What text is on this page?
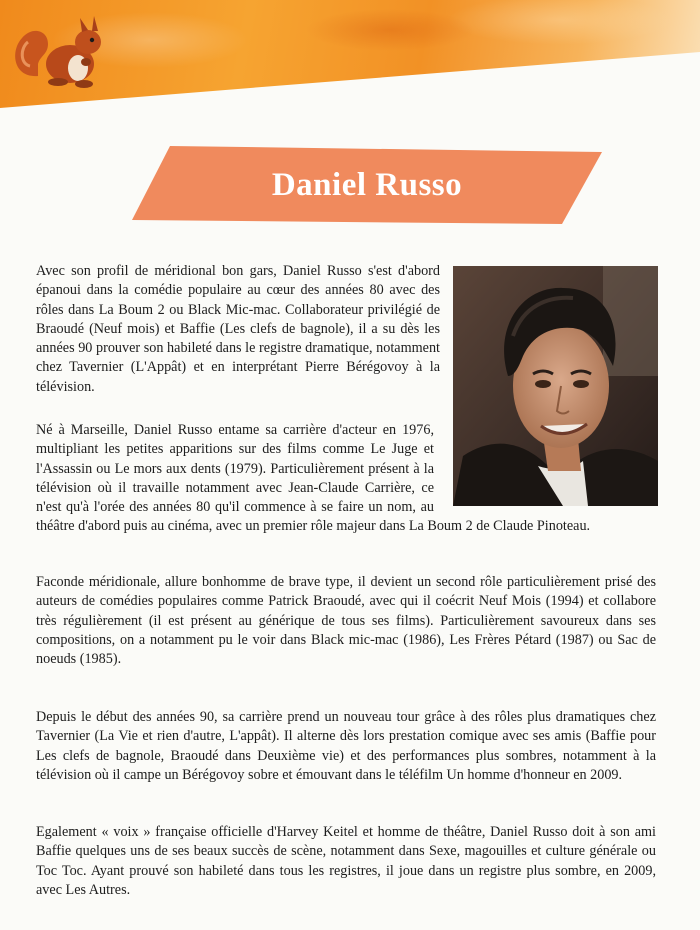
Daniel Russo

Avec son profil de méridional bon gars, Daniel Russo s'est d'abord épanoui dans la comédie populaire au cœur des années 80 avec des rôles dans La Boum 2 ou Black Mic-mac. Collaborateur privilégié de Braoudé (Neuf mois) et Baffie (Les clefs de bagnole), il a su dès les années 90 prouver son habileté dans le registre dramatique, notamment chez Tavernier (L'Appât) et en interprétant Pierre Bérégovoy à la télévision.

Né à Marseille, Daniel Russo entame sa carrière d'acteur en 1976, multipliant les petites apparitions sur des films comme Le Juge et l'Assassin ou Le mors aux dents (1979). Particulièrement présent à la télévision où il travaille notamment avec Jean-Claude Carrière, ce n'est qu'à l'orée des années 80 qu'il commence à se faire un nom, au théâtre d'abord puis au cinéma, avec un premier rôle majeur dans La Boum 2 de Claude Pinoteau.

Faconde méridionale, allure bonhomme de brave type, il devient un second rôle particulièrement prisé des auteurs de comédies populaires comme Patrick Braoudé, avec qui il coécrit Neuf Mois (1994) et collabore très régulièrement (il est présent au générique de tous ses films). Particulièrement savoureux dans ses compositions, on a notamment pu le voir dans Black mic-mac (1986), Les Frères Pétard (1987) ou Sac de noeuds (1985).

Depuis le début des années 90, sa carrière prend un nouveau tour grâce à des rôles plus dramatiques chez Tavernier (La Vie et rien d'autre, L'appât). Il alterne dès lors prestation comique avec ses amis (Baffie pour Les clefs de bagnole, Braoudé dans Deuxième vie) et des performances plus sombres, notamment à la télévision où il campe un Bérégovoy sobre et émouvant dans le téléfilm Un homme d'honneur en 2009.

Egalement « voix » française officielle d'Harvey Keitel et homme de théâtre, Daniel Russo doit à son ami Baffie quelques uns de ses beaux succès de scène, notamment dans Sexe, magouilles et culture générale ou Toc Toc. Ayant prouvé son habileté dans tous les registres, il joue dans un registre plus sombre, en 2009, avec Les Autres.
